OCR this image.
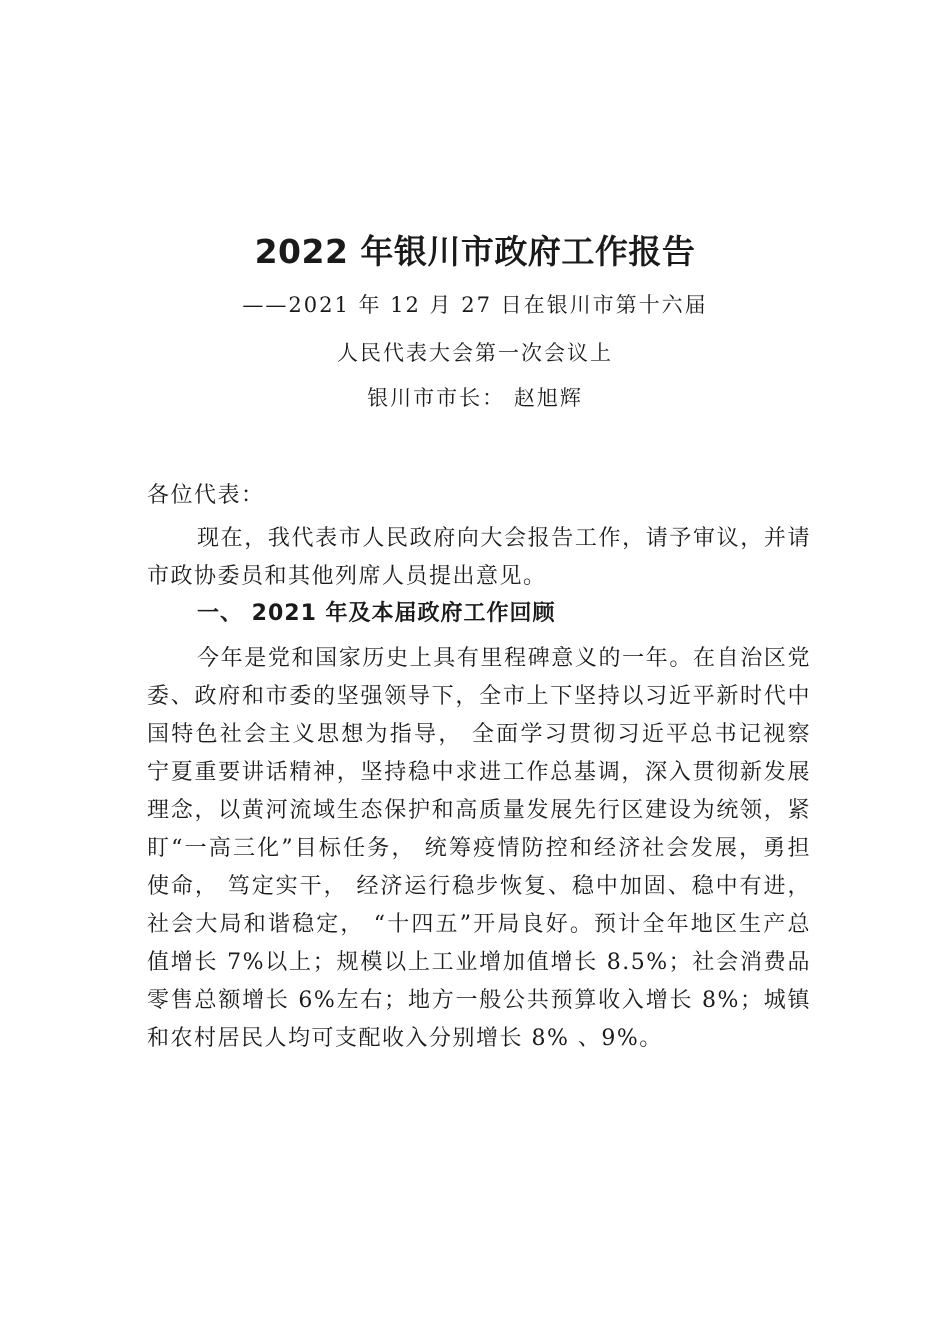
2022 年银川市政府工作报告
——2021 年 12 月 27 日在银川市第十六届
人民代表大会第一次会议上
银川市市长： 赵旭辉
各位代表：
现在，我代表市人民政府向大会报告工作，请予审议，并请市政协委员和其他列席人员提出意见。
一、 2021 年及本届政府工作回顾
今年是党和国家历史上具有里程碑意义的一年。在自治区党委、政府和市委的坚强领导下，全市上下坚持以习近平新时代中国特色社会主义思想为指导， 全面学习贯彻习近平总书记视察宁夏重要讲话精神，坚持稳中求进工作总基调，深入贯彻新发展理念，以黄河流域生态保护和高质量发展先行区建设为统领，紧盯“一高三化”目标任务， 统筹疫情防控和经济社会发展，勇担使命， 笃定实干， 经济运行稳步恢复、稳中加固、稳中有进， 社会大局和谐稳定， “十四五”开局良好。预计全年地区生产总值增长 7%以上；规模以上工业增加值增长 8.5%；社会消费品零售总额增长 6%左右；地方一般公共预算收入增长 8%；城镇和农村居民人均可支配收入分别增长 8% 、9%。
